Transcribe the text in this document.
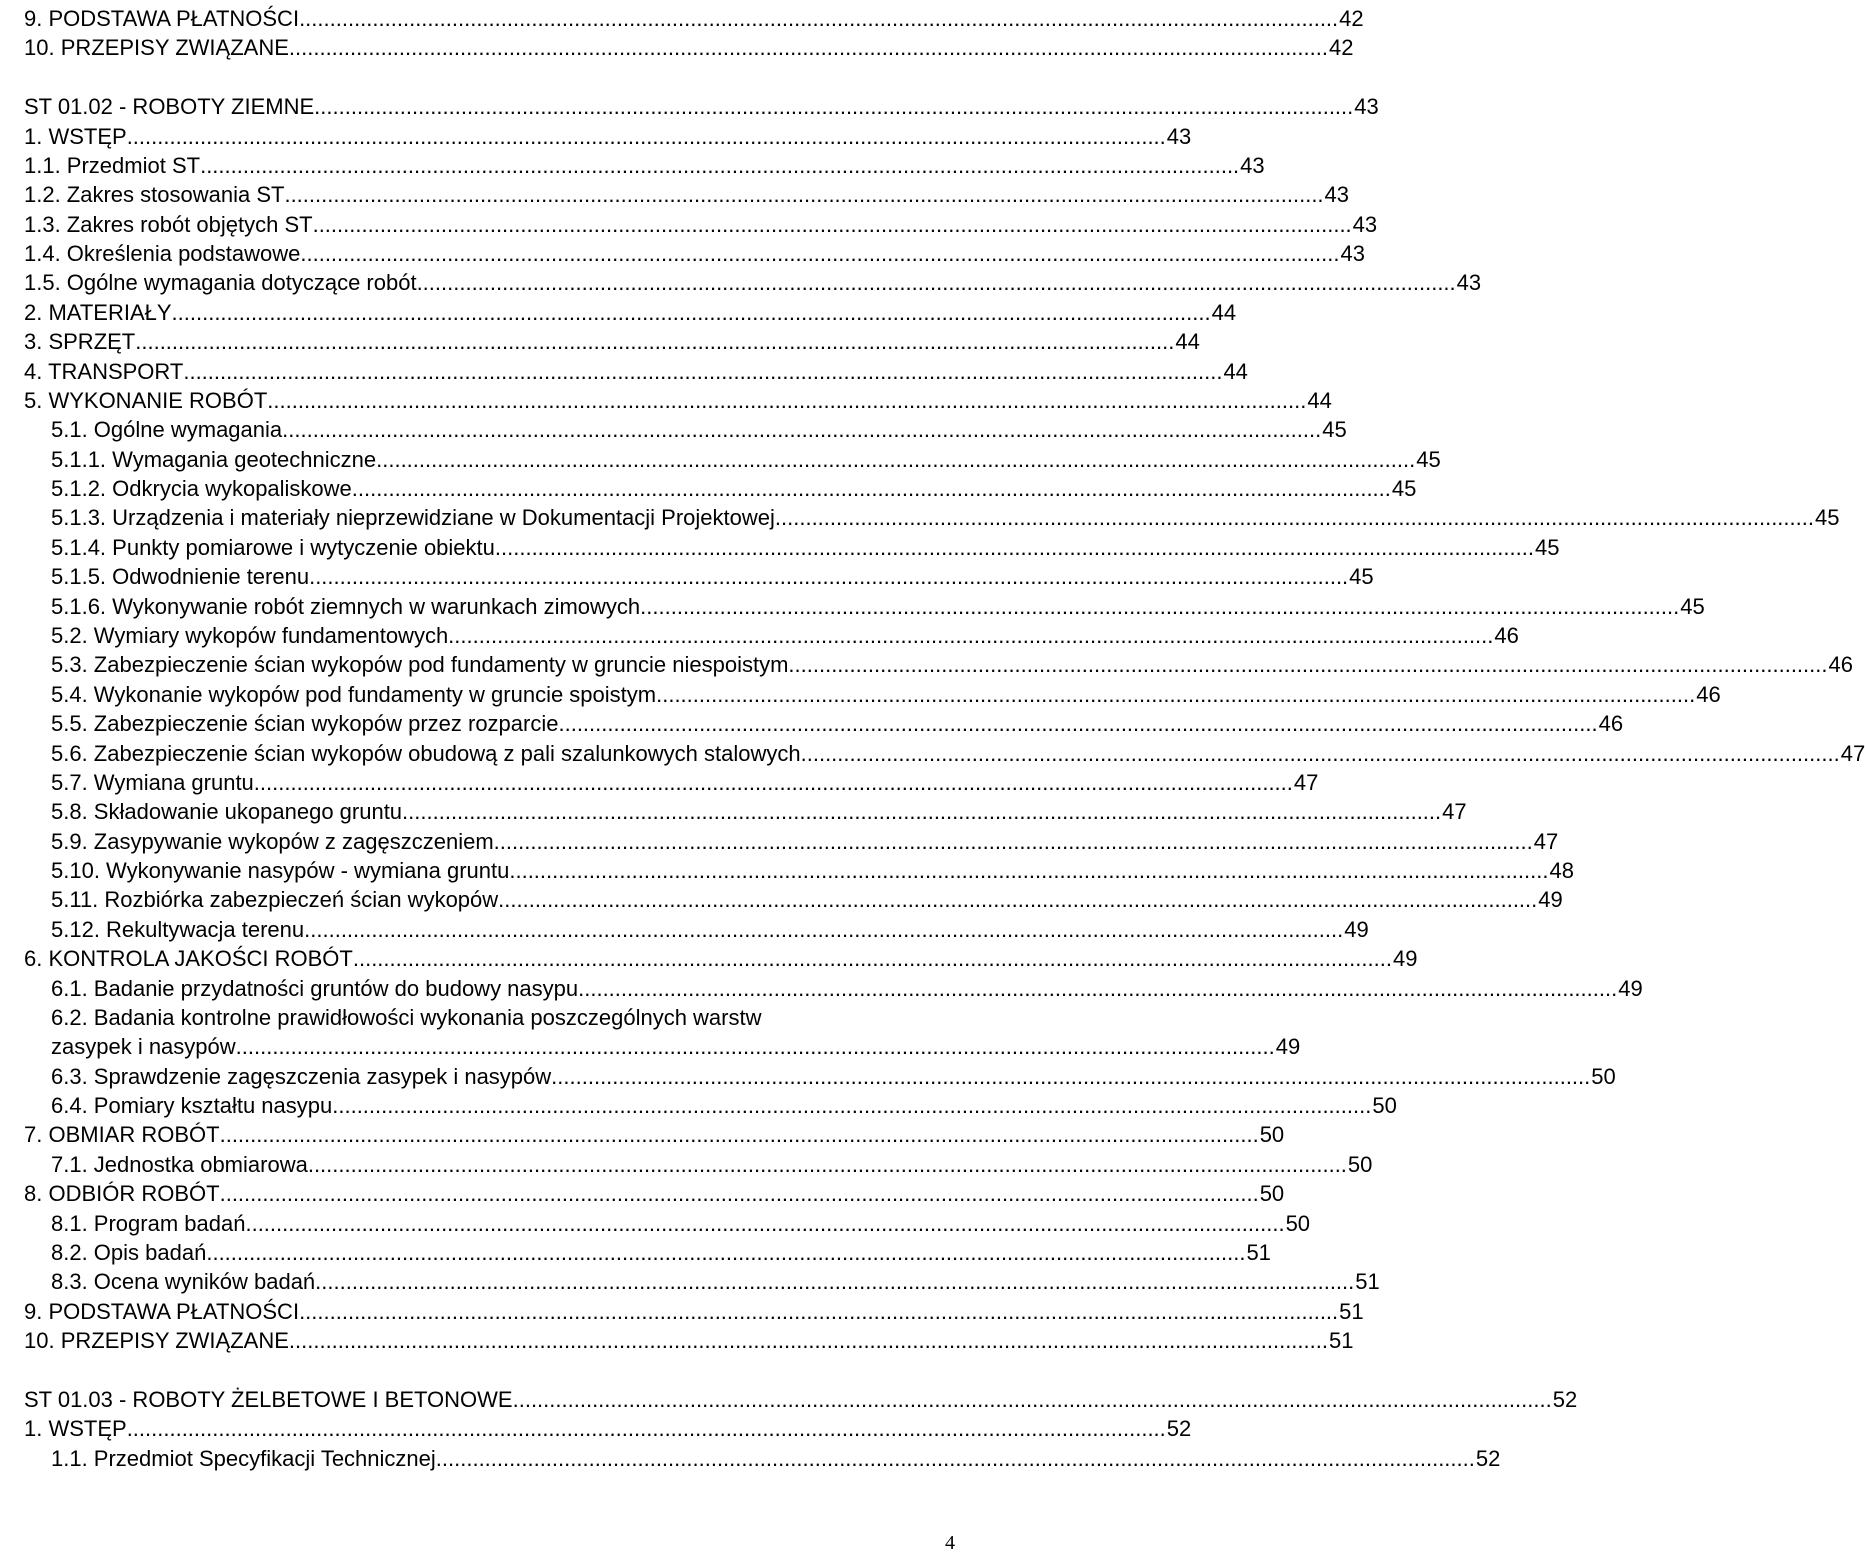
9. PODSTAWA PŁATNOŚCI .......................................................................................................................................................................... 42
10. PRZEPISY ZWIĄZANE .......................................................................................................................................................................... 42
ST 01.02 - ROBOTY ZIEMNE .......................................................................................................................................................................... 43
1. WSTĘP .......................................................................................................................................................................... 43
1.1. Przedmiot ST .......................................................................................................................................................................... 43
1.2. Zakres stosowania ST .......................................................................................................................................................................... 43
1.3. Zakres robót objętych ST .......................................................................................................................................................................... 43
1.4. Określenia podstawowe .......................................................................................................................................................................... 43
1.5. Ogólne wymagania dotyczące robót .......................................................................................................................................................................... 43
2. MATERIAŁY .......................................................................................................................................................................... 44
3. SPRZĘT .......................................................................................................................................................................... 44
4. TRANSPORT .......................................................................................................................................................................... 44
5. WYKONANIE ROBÓT .......................................................................................................................................................................... 44
5.1. Ogólne wymagania .......................................................................................................................................................................... 45
5.1.1. Wymagania geotechniczne .......................................................................................................................................................................... 45
5.1.2. Odkrycia wykopaliskowe .......................................................................................................................................................................... 45
5.1.3. Urządzenia i materiały nieprzewidziane w Dokumentacji Projektowej .......................................................................................................................................................................... 45
5.1.4. Punkty pomiarowe i wytyczenie obiektu .......................................................................................................................................................................... 45
5.1.5. Odwodnienie terenu .......................................................................................................................................................................... 45
5.1.6. Wykonywanie robót ziemnych w warunkach zimowych .......................................................................................................................................................................... 45
5.2. Wymiary wykopów fundamentowych. .......................................................................................................................................................................... 46
5.3. Zabezpieczenie ścian wykopów pod fundamenty w gruncie niespoistym .......................................................................................................................................................................... 46
5.4. Wykonanie wykopów pod fundamenty w gruncie spoistym .......................................................................................................................................................................... 46
5.5. Zabezpieczenie ścian wykopów przez rozparcie .......................................................................................................................................................................... 46
5.6. Zabezpieczenie ścian wykopów obudową z pali szalunkowych stalowych .......................................................................................................................................................................... 47
5.7. Wymiana gruntu .......................................................................................................................................................................... 47
5.8. Składowanie ukopanego gruntu .......................................................................................................................................................................... 47
5.9. Zasypywanie wykopów z zagęszczeniem .......................................................................................................................................................................... 47
5.10. Wykonywanie nasypów - wymiana gruntu .......................................................................................................................................................................... 48
5.11. Rozbiórka zabezpieczeń ścian wykopów .......................................................................................................................................................................... 49
5.12. Rekultywacja terenu .......................................................................................................................................................................... 49
6. KONTROLA JAKOŚCI ROBÓT .......................................................................................................................................................................... 49
6.1. Badanie przydatności gruntów do budowy nasypu .......................................................................................................................................................................... 49
6.2. Badania kontrolne prawidłowości wykonania poszczególnych warstw
zasypek i nasypów .......................................................................................................................................................................... 49
6.3. Sprawdzenie zagęszczenia zasypek i nasypów .......................................................................................................................................................................... 50
6.4. Pomiary kształtu nasypu .......................................................................................................................................................................... 50
7. OBMIAR ROBÓT .......................................................................................................................................................................... 50
7.1. Jednostka obmiarowa .......................................................................................................................................................................... 50
8. ODBIÓR ROBÓT .......................................................................................................................................................................... 50
8.1. Program badań .......................................................................................................................................................................... 50
8.2. Opis badań .......................................................................................................................................................................... 51
8.3. Ocena wyników badań .......................................................................................................................................................................... 51
9. PODSTAWA PŁATNOŚCI .......................................................................................................................................................................... 51
10. PRZEPISY ZWIĄZANE .......................................................................................................................................................................... 51
ST 01.03 - ROBOTY ŻELBETOWE I BETONOWE .......................................................................................................................................................................... 52
1. WSTĘP .......................................................................................................................................................................... 52
1.1. Przedmiot Specyfikacji Technicznej .......................................................................................................................................................................... 52
4
